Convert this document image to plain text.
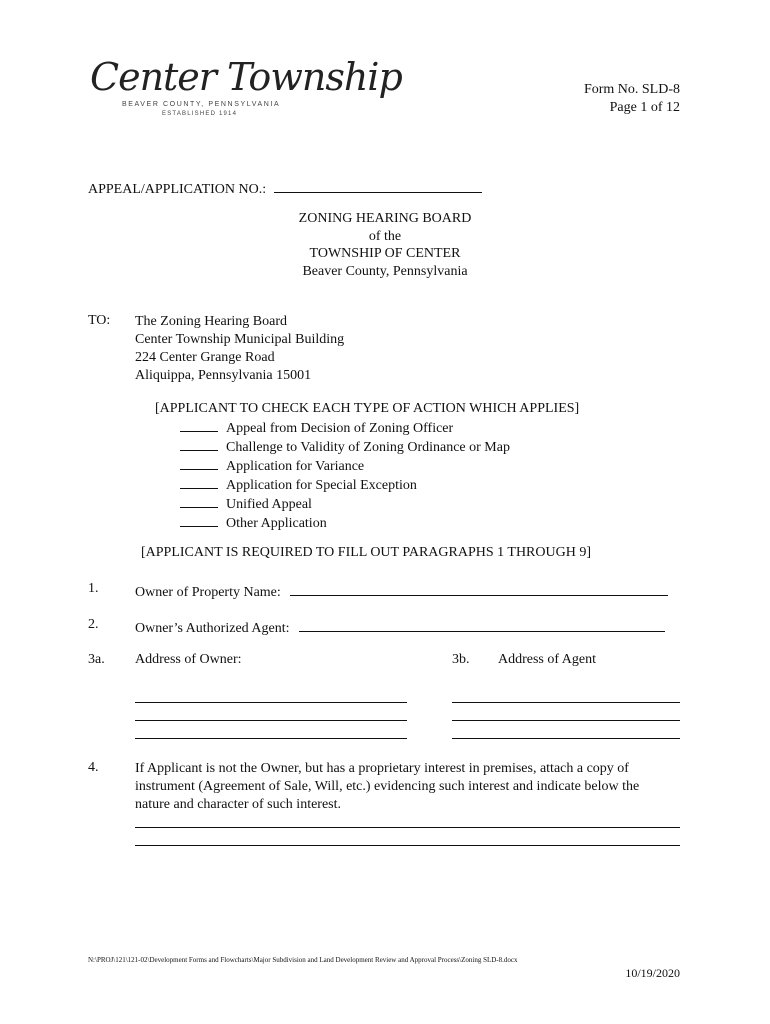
Center Township
BEAVER COUNTY, PENNSYLVANIA
ESTABLISHED 1914
Form No. SLD-8
Page 1 of 12
APPEAL/APPLICATION NO.:
ZONING HEARING BOARD
of the
TOWNSHIP OF CENTER
Beaver County, Pennsylvania
TO: The Zoning Hearing Board
Center Township Municipal Building
224 Center Grange Road
Aliquippa, Pennsylvania 15001
[APPLICANT TO CHECK EACH TYPE OF ACTION WHICH APPLIES]
Appeal from Decision of Zoning Officer
Challenge to Validity of Zoning Ordinance or Map
Application for Variance
Application for Special Exception
Unified Appeal
Other Application
[APPLICANT IS REQUIRED TO FILL OUT PARAGRAPHS 1 THROUGH 9]
1.	Owner of Property Name:
2.	Owner’s Authorized Agent:
3a. Address of Owner:	3b. Address of Agent
4.	If Applicant is not the Owner, but has a proprietary interest in premises, attach a copy of
instrument (Agreement of Sale, Will, etc.) evidencing such interest and indicate below the
nature and character of such interest.
N:\PROJ\121\121-02\Development Forms and Flowcharts\Major Subdivision and Land Development Review and Approval Process\Zoning SLD-8.docx
10/19/2020
